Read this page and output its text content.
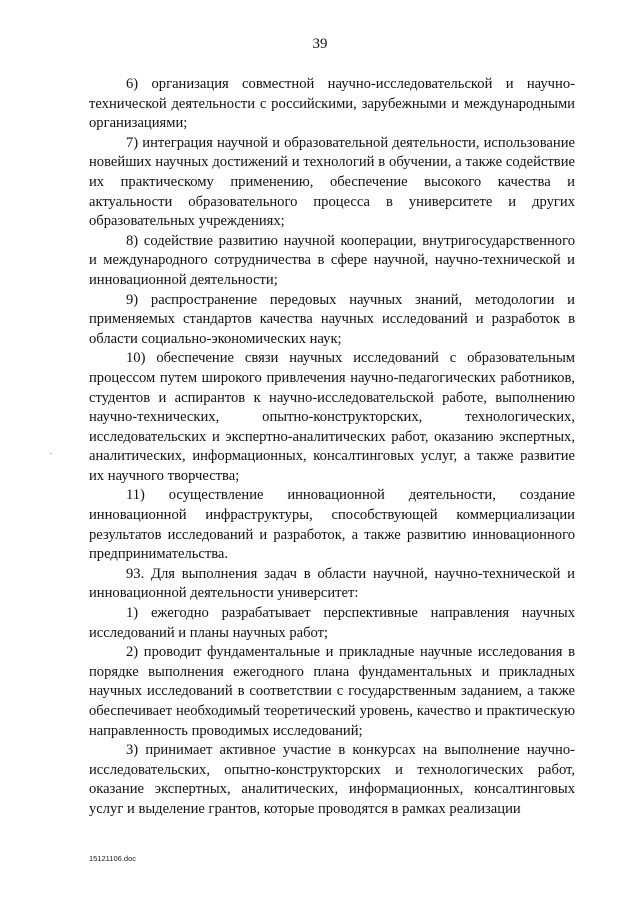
39

6) организация совместной научно-исследовательской и научно-технической деятельности с российскими, зарубежными и международными организациями;

7) интеграция научной и образовательной деятельности, использование новейших научных достижений и технологий в обучении, а также содействие их практическому применению, обеспечение высокого качества и актуальности образовательного процесса в университете и других образовательных учреждениях;

8) содействие развитию научной кооперации, внутригосударственного и международного сотрудничества в сфере научной, научно-технической и инновационной деятельности;

9) распространение передовых научных знаний, методологии и применяемых стандартов качества научных исследований и разработок в области социально-экономических наук;

10) обеспечение связи научных исследований с образовательным процессом путем широкого привлечения научно-педагогических работников, студентов и аспирантов к научно-исследовательской работе, выполнению научно-технических, опытно-конструкторских, технологических, исследовательских и экспертно-аналитических работ, оказанию экспертных, аналитических, информационных, консалтинговых услуг, а также развитие их научного творчества;

11) осуществление инновационной деятельности, создание инновационной инфраструктуры, способствующей коммерциализации результатов исследований и разработок, а также развитию инновационного предпринимательства.

93. Для выполнения задач в области научной, научно-технической и инновационной деятельности университет:

1) ежегодно разрабатывает перспективные направления научных исследований и планы научных работ;

2) проводит фундаментальные и прикладные научные исследования в порядке выполнения ежегодного плана фундаментальных и прикладных научных исследований в соответствии с государственным заданием, а также обеспечивает необходимый теоретический уровень, качество и практическую направленность проводимых исследований;

3) принимает активное участие в конкурсах на выполнение научно-исследовательских, опытно-конструкторских и технологических работ, оказание экспертных, аналитических, информационных, консалтинговых услуг и выделение грантов, которые проводятся в рамках реализации

15121106.doc
